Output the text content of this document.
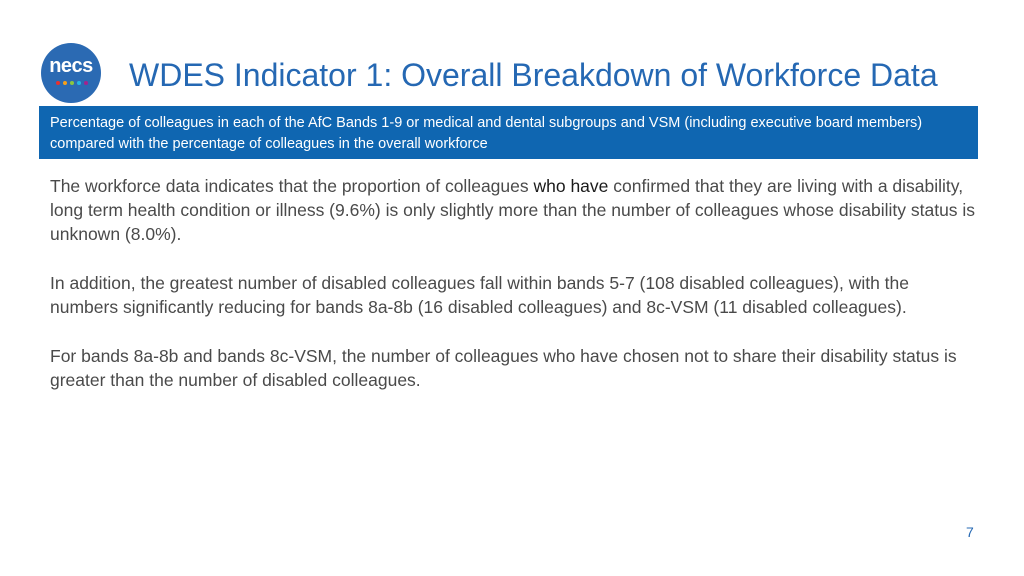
necs WDES Indicator 1: Overall Breakdown of Workforce Data
Percentage of colleagues in each of the AfC Bands 1-9 or medical and dental subgroups and VSM (including executive board members) compared with the percentage of colleagues in the overall workforce

The workforce data indicates that the proportion of colleagues who have confirmed that they are living with a disability, long term health condition or illness (9.6%) is only slightly more than the number of colleagues whose disability status is unknown (8.0%).

In addition, the greatest number of disabled colleagues fall within bands 5-7 (108 disabled colleagues), with the numbers significantly reducing for bands 8a-8b (16 disabled colleagues) and 8c-VSM (11 disabled colleagues).

For bands 8a-8b and bands 8c-VSM, the number of colleagues who have chosen not to share their disability status is greater than the number of disabled colleagues.

7
